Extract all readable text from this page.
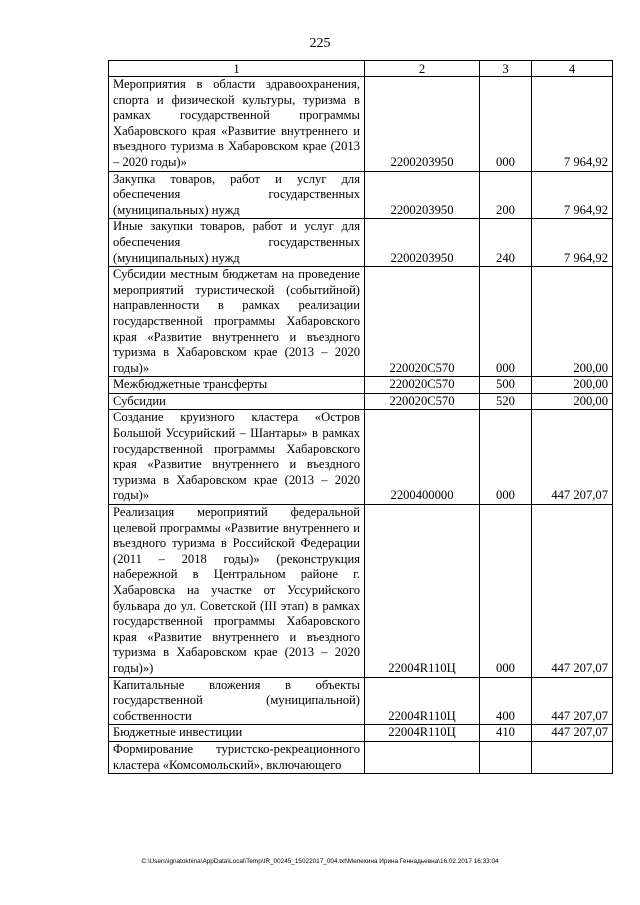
225
1	2	3	4
Мероприятия в области здравоохранения, спорта и физической культуры, туризма в рамках государственной программы Хабаровского края «Развитие внутреннего и въездного туризма в Хабаровском крае (2013 – 2020 годы)»	2200203950	000	7 964,92
Закупка товаров, работ и услуг для обеспечения государственных (муниципальных) нужд	2200203950	200	7 964,92
Иные закупки товаров, работ и услуг для обеспечения государственных (муниципальных) нужд	2200203950	240	7 964,92
Субсидии местным бюджетам на проведение мероприятий туристической (событийной) направленности в рамках реализации государственной программы Хабаровского края «Развитие внутреннего и въездного туризма в Хабаровском крае (2013 – 2020 годы)»	220020С570	000	200,00
Межбюджетные трансферты	220020С570	500	200,00
Субсидии	220020С570	520	200,00
Создание круизного кластера «Остров Большой Уссурийский – Шантары» в рамках государственной программы Хабаровского края «Развитие внутреннего и въездного туризма в Хабаровском крае (2013 – 2020 годы)»	2200400000	000	447 207,07
Реализация мероприятий федеральной целевой программы «Развитие внутреннего и въездного туризма в Российской Федерации (2011 – 2018 годы)» (реконструкция набережной в Центральном районе г. Хабаровска на участке от Уссурийского бульвара до ул. Советской (III этап) в рамках государственной программы Хабаровского края «Развитие внутреннего и въездного туризма в Хабаровском крае (2013 – 2020 годы)»)	22004R110Ц	000	447 207,07
Капитальные вложения в объекты государственной (муниципальной) собственности	22004R110Ц	400	447 207,07
Бюджетные инвестиции	22004R110Ц	410	447 207,07
Формирование туристско-рекреационного кластера «Комсомольский», включающего			
C:\Users\ignatokhina\AppData\Local\Temp\IR_00245_15022017_004.txt\Мелехина Ирина Геннадьевна\16.02.2017 16:33:04
